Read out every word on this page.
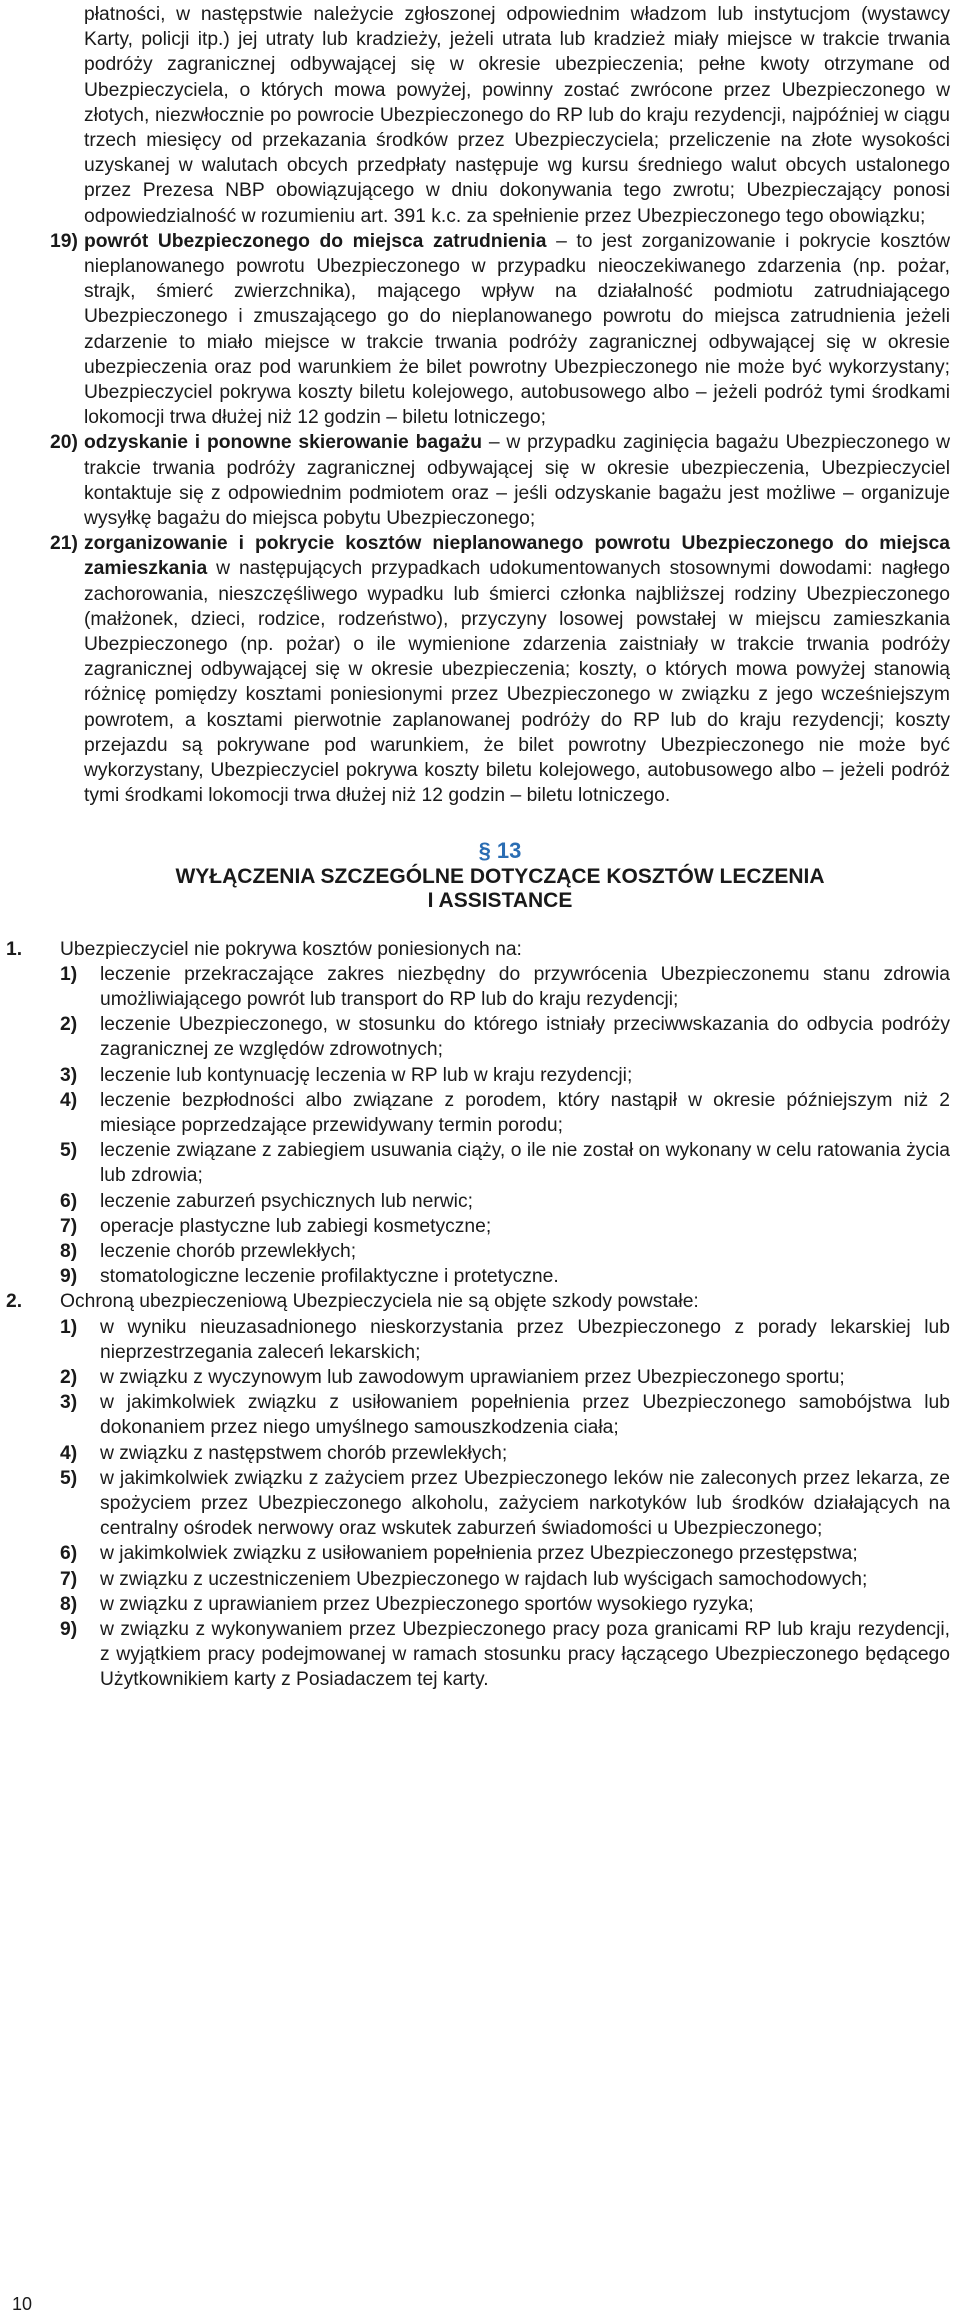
płatności, w następstwie należycie zgłoszonej odpowiednim władzom lub instytucjom (wystawcy Karty, policji itp.) jej utraty lub kradzieży, jeżeli utrata lub kradzież miały miejsce w trakcie trwania podróży zagranicznej odbywającej się w okresie ubezpieczenia; pełne kwoty otrzymane od Ubezpieczyciela, o których mowa powyżej, powinny zostać zwrócone przez Ubezpieczonego w złotych, niezwłocznie po powrocie Ubezpieczonego do RP lub do kraju rezydencji, najpóźniej w ciągu trzech miesięcy od przekazania środków przez Ubezpieczyciela; przeliczenie na złote wysokości uzyskanej w walutach obcych przedpłaty następuje wg kursu średniego walut obcych ustalonego przez Prezesa NBP obowiązującego w dniu dokonywania tego zwrotu; Ubezpieczający ponosi odpowiedzialność w rozumieniu art. 391 k.c. za spełnienie przez Ubezpieczonego tego obowiązku;
19) powrót Ubezpieczonego do miejsca zatrudnienia – to jest zorganizowanie i pokrycie kosztów nieplanowanego powrotu Ubezpieczonego w przypadku nieoczekiwanego zdarzenia (np. pożar, strajk, śmierć zwierzchnika), mającego wpływ na działalność podmiotu zatrudniającego Ubezpieczonego i zmuszającego go do nieplanowanego powrotu do miejsca zatrudnienia jeżeli zdarzenie to miało miejsce w trakcie trwania podróży zagranicznej odbywającej się w okresie ubezpieczenia oraz pod warunkiem że bilet powrotny Ubezpieczonego nie może być wykorzystany; Ubezpieczyciel pokrywa koszty biletu kolejowego, autobusowego albo – jeżeli podróż tymi środkami lokomocji trwa dłużej niż 12 godzin – biletu lotniczego;
20) odzyskanie i ponowne skierowanie bagażu – w przypadku zaginięcia bagażu Ubezpieczonego w trakcie trwania podróży zagranicznej odbywającej się w okresie ubezpieczenia, Ubezpieczyciel kontaktuje się z odpowiednim podmiotem oraz – jeśli odzyskanie bagażu jest możliwe – organizuje wysyłkę bagażu do miejsca pobytu Ubezpieczonego;
21) zorganizowanie i pokrycie kosztów nieplanowanego powrotu Ubezpieczonego do miejsca zamieszkania w następujących przypadkach udokumentowanych stosownymi dowodami: nagłego zachorowania, nieszczęśliwego wypadku lub śmierci członka najbliższej rodziny Ubezpieczonego (małżonek, dzieci, rodzice, rodzeństwo), przyczyny losowej powstałej w miejscu zamieszkania Ubezpieczonego (np. pożar) o ile wymienione zdarzenia zaistniały w trakcie trwania podróży zagranicznej odbywającej się w okresie ubezpieczenia; koszty, o których mowa powyżej stanowią różnicę pomiędzy kosztami poniesionymi przez Ubezpieczonego w związku z jego wcześniejszym powrotem, a kosztami pierwotnie zaplanowanej podróży do RP lub do kraju rezydencji; koszty przejazdu są pokrywane pod warunkiem, że bilet powrotny Ubezpieczonego nie może być wykorzystany, Ubezpieczyciel pokrywa koszty biletu kolejowego, autobusowego albo – jeżeli podróż tymi środkami lokomocji trwa dłużej niż 12 godzin – biletu lotniczego.
§ 13
WYŁĄCZENIA SZCZEGÓLNE DOTYCZĄCE KOSZTÓW LECZENIA
I ASSISTANCE
1. Ubezpieczyciel nie pokrywa kosztów poniesionych na:
1) leczenie przekraczające zakres niezbędny do przywrócenia Ubezpieczonemu stanu zdrowia umożliwiającego powrót lub transport do RP lub do kraju rezydencji;
2) leczenie Ubezpieczonego, w stosunku do którego istniały przeciwwskazania do odbycia podróży zagranicznej ze względów zdrowotnych;
3) leczenie lub kontynuację leczenia w RP lub w kraju rezydencji;
4) leczenie bezpłodności albo związane z porodem, który nastąpił w okresie późniejszym niż 2 miesiące poprzedzające przewidywany termin porodu;
5) leczenie związane z zabiegiem usuwania ciąży, o ile nie został on wykonany w celu ratowania życia lub zdrowia;
6) leczenie zaburzeń psychicznych lub nerwic;
7) operacje plastyczne lub zabiegi kosmetyczne;
8) leczenie chorób przewlekłych;
9) stomatologiczne leczenie profilaktyczne i protetyczne.
2. Ochroną ubezpieczeniową Ubezpieczyciela nie są objęte szkody powstałe:
1) w wyniku nieuzasadnionego nieskorzystania przez Ubezpieczonego z porady lekarskiej lub nieprzestrzegania zaleceń lekarskich;
2) w związku z wyczynowym lub zawodowym uprawianiem przez Ubezpieczonego sportu;
3) w jakimkolwiek związku z usiłowaniem popełnienia przez Ubezpieczonego samobójstwa lub dokonaniem przez niego umyślnego samouszkodzenia ciała;
4) w związku z następstwem chorób przewlekłych;
5) w jakimkolwiek związku z zażyciem przez Ubezpieczonego leków nie zaleconych przez lekarza, ze spożyciem przez Ubezpieczonego alkoholu, zażyciem narkotyków lub środków działających na centralny ośrodek nerwowy oraz wskutek zaburzeń świadomości u Ubezpieczonego;
6) w jakimkolwiek związku z usiłowaniem popełnienia przez Ubezpieczonego przestępstwa;
7) w związku z uczestniczeniem Ubezpieczonego w rajdach lub wyścigach samochodowych;
8) w związku z uprawianiem przez Ubezpieczonego sportów wysokiego ryzyka;
9) w związku z wykonywaniem przez Ubezpieczonego pracy poza granicami RP lub kraju rezydencji, z wyjątkiem pracy podejmowanej w ramach stosunku pracy łączącego Ubezpieczonego będącego Użytkownikiem karty z Posiadaczem tej karty.
10
